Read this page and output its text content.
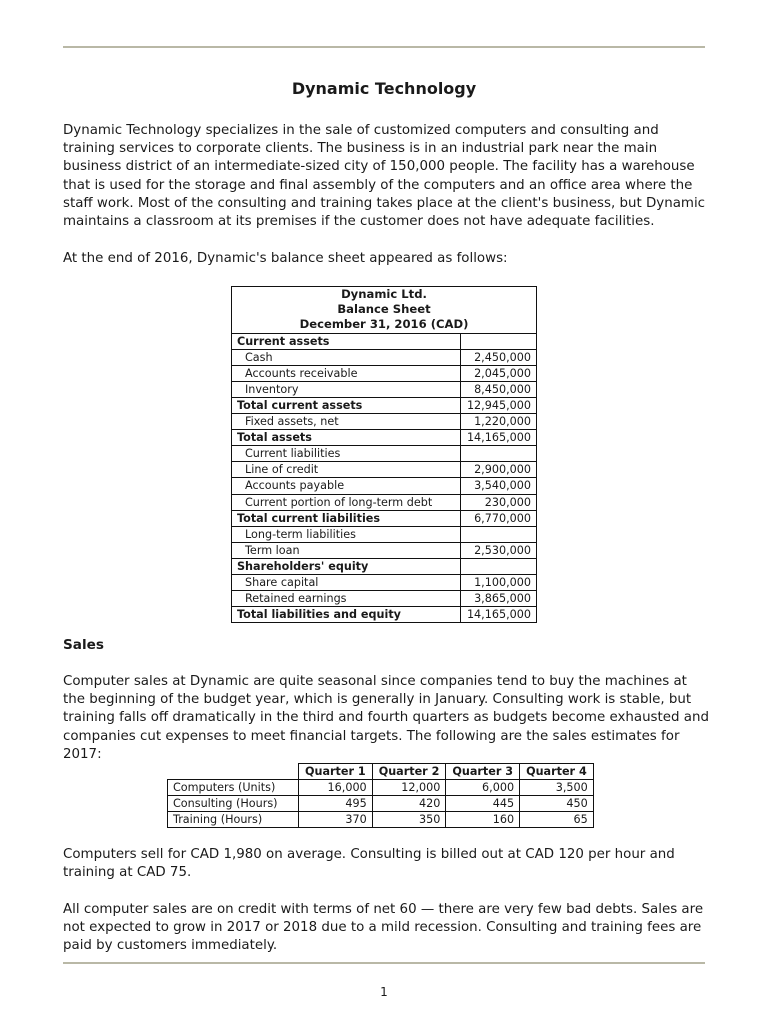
Dynamic Technology

Dynamic Technology specializes in the sale of customized computers and consulting and training services to corporate clients. The business is in an industrial park near the main business district of an intermediate-sized city of 150,000 people. The facility has a warehouse that is used for the storage and final assembly of the computers and an office area where the staff work. Most of the consulting and training takes place at the client's business, but Dynamic maintains a classroom at its premises if the customer does not have adequate facilities.

At the end of 2016, Dynamic's balance sheet appeared as follows:

Dynamic Ltd.
Balance Sheet
December 31, 2016 (CAD)	

Current assets	
Cash	2,450,000
Accounts receivable	2,045,000
Inventory	8,450,000
Total current assets	12,945,000
Fixed assets, net	1,220,000
Total assets	14,165,000
Current liabilities	
Line of credit	2,900,000
Accounts payable	3,540,000
Current portion of long-term debt	230,000
Total current liabilities	6,770,000
Long-term liabilities	
Term loan	2,530,000
Shareholders' equity	
Share capital	1,100,000
Retained earnings	3,865,000
Total liabilities and equity	14,165,000

Sales

Computer sales at Dynamic are quite seasonal since companies tend to buy the machines at the beginning of the budget year, which is generally in January. Consulting work is stable, but training falls off dramatically in the third and fourth quarters as budgets become exhausted and companies cut expenses to meet financial targets. The following are the sales estimates for 2017:

	Quarter 1	Quarter 2	Quarter 3	Quarter 4
Computers (Units)	16,000	12,000	6,000	3,500
Consulting (Hours)	495	420	445	450
Training (Hours)	370	350	160	65

Computers sell for CAD 1,980 on average. Consulting is billed out at CAD 120 per hour and training at CAD 75.

All computer sales are on credit with terms of net 60 — there are very few bad debts. Sales are not expected to grow in 2017 or 2018 due to a mild recession. Consulting and training fees are paid by customers immediately.

1
